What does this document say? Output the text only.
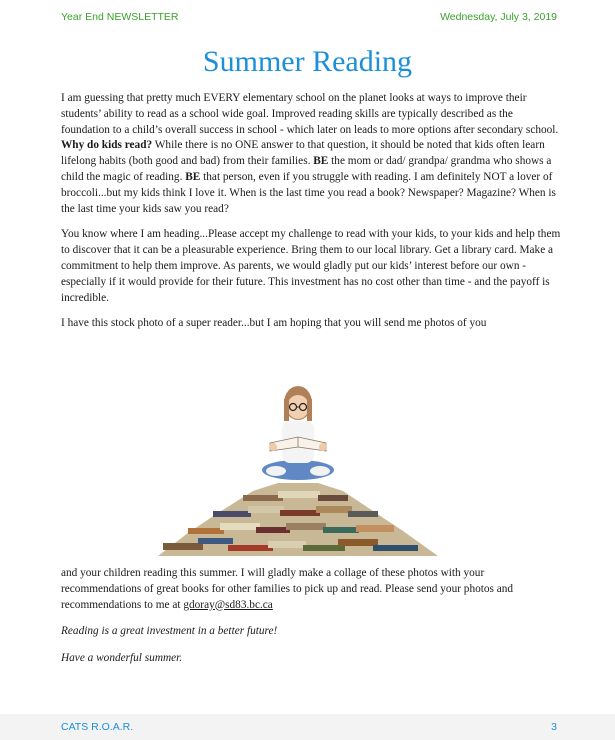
Year End NEWSLETTER	Wednesday, July 3, 2019
Summer Reading

I am guessing that pretty much EVERY elementary school on the planet looks at ways to improve their students’ ability to read as a school wide goal. Improved reading skills are typically described as the foundation to a child’s overall success in school - which later on leads to more options after secondary school. Why do kids read? While there is no ONE answer to that question, it should be noted that kids often learn lifelong habits (both good and bad) from their families. BE the mom or dad/ grandpa/ grandma who shows a child the magic of reading. BE that person, even if you struggle with reading. I am definitely NOT a lover of broccoli...but my kids think I love it. When is the last time you read a book? Newspaper? Magazine? When is the last time your kids saw you read?

You know where I am heading...Please accept my challenge to read with your kids, to your kids and help them to discover that it can be a pleasurable experience. Bring them to our local library. Get a library card. Make a commitment to help them improve. As parents, we would gladly put our kids’ interest before our own - especially if it would provide for their future. This investment has no cost other than time - and the payoff is incredible.

I have this stock photo of a super reader...but I am hoping that you will send me photos of you

and your children reading this summer. I will gladly make a collage of these photos with your recommendations of great books for other families to pick up and read. Please send your photos and recommendations to me at gdoray@sd83.bc.ca

Reading is a great investment in a better future!

Have a wonderful summer.

CATS R.O.A.R.	3
